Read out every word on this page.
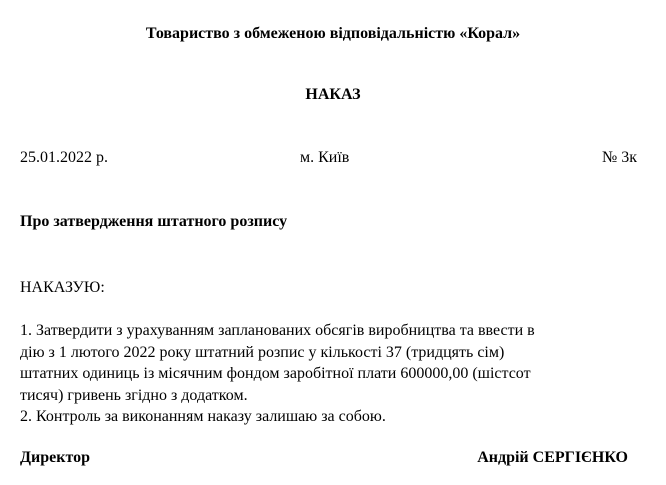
Товариство з обмеженою відповідальністю «Корал»
НАКАЗ
25.01.2022 р.	м. Київ	№ 3к
Про затвердження штатного розпису
НАКАЗУЮ:
1. Затвердити з урахуванням запланованих обсягів виробництва та ввести в
дію з 1 лютого 2022 року штатний розпис у кількості 37 (тридцять сім)
штатних одиниць із місячним фондом заробітної плати 600000,00 (шістсот
тисяч) гривень згідно з додатком.
2. Контроль за виконанням наказу залишаю за собою.
Директор	Андрій СЕРГІЄНКО
